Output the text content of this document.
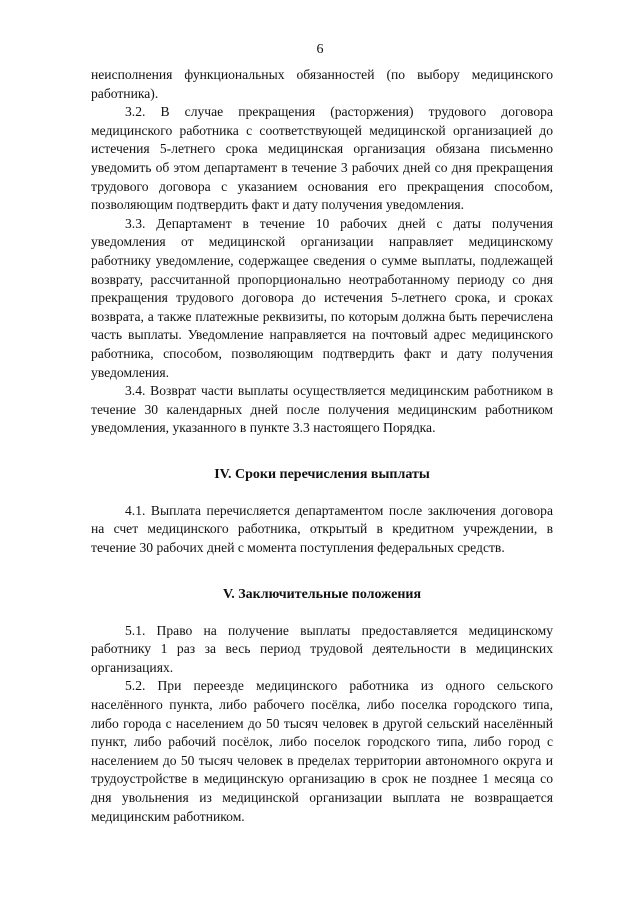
6

неисполнения функциональных обязанностей (по выбору медицинского работника).

3.2. В случае прекращения (расторжения) трудового договора медицинского работника с соответствующей медицинской организацией до истечения 5-летнего срока медицинская организация обязана письменно уведомить об этом департамент в течение 3 рабочих дней со дня прекращения трудового договора с указанием основания его прекращения способом, позволяющим подтвердить факт и дату получения уведомления.

3.3. Департамент в течение 10 рабочих дней с даты получения уведомления от медицинской организации направляет медицинскому работнику уведомление, содержащее сведения о сумме выплаты, подлежащей возврату, рассчитанной пропорционально неотработанному периоду со дня прекращения трудового договора до истечения 5-летнего срока, и сроках возврата, а также платежные реквизиты, по которым должна быть перечислена часть выплаты. Уведомление направляется на почтовый адрес медицинского работника, способом, позволяющим подтвердить факт и дату получения уведомления.

3.4. Возврат части выплаты осуществляется медицинским работником в течение 30 календарных дней после получения медицинским работником уведомления, указанного в пункте 3.3 настоящего Порядка.

IV. Сроки перечисления выплаты

4.1. Выплата перечисляется департаментом после заключения договора на счет медицинского работника, открытый в кредитном учреждении, в течение 30 рабочих дней с момента поступления федеральных средств.

V. Заключительные положения

5.1. Право на получение выплаты предоставляется медицинскому работнику 1 раз за весь период трудовой деятельности в медицинских организациях.

5.2. При переезде медицинского работника из одного сельского населённого пункта, либо рабочего посёлка, либо поселка городского типа, либо города с населением до 50 тысяч человек в другой сельский населённый пункт, либо рабочий посёлок, либо поселок городского типа, либо город с населением до 50 тысяч человек в пределах территории автономного округа и трудоустройстве в медицинскую организацию в срок не позднее 1 месяца со дня увольнения из медицинской организации выплата не возвращается медицинским работником.
